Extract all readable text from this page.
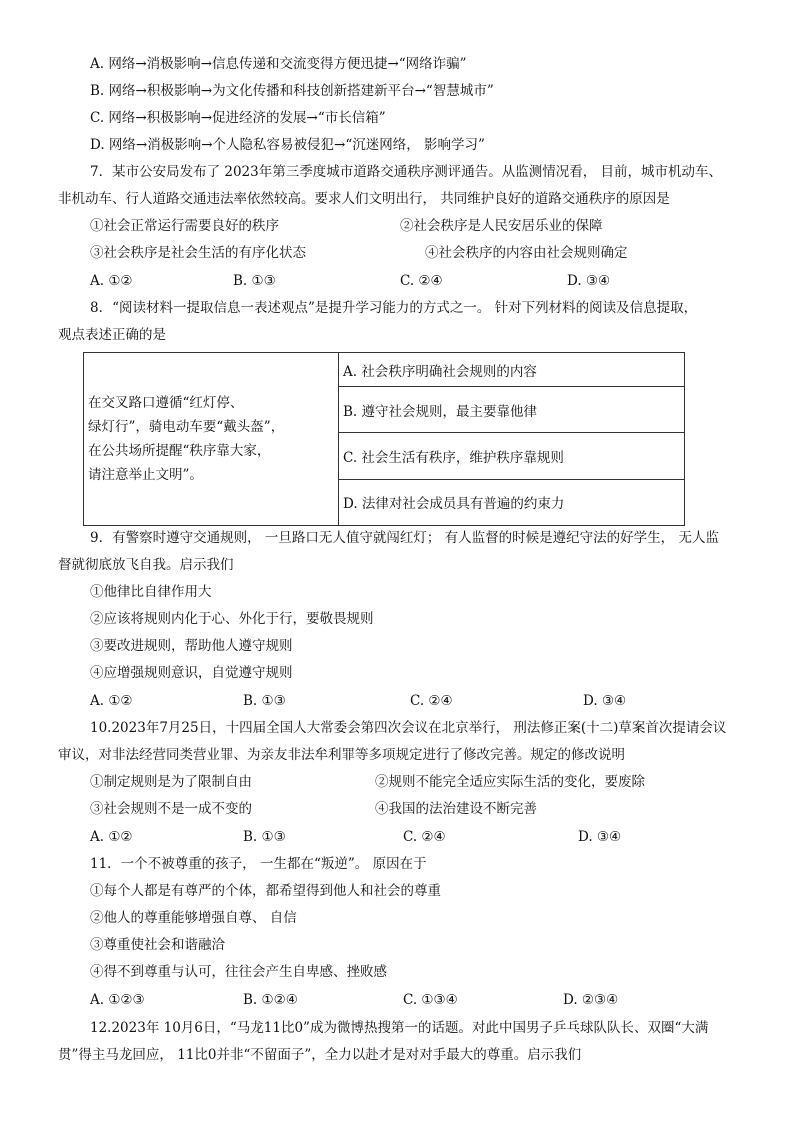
A. 网络→消极影响→信息传递和交流变得方便迅捷→“网络诈骗”
B. 网络→积极影响→为文化传播和科技创新搭建新平台→“智慧城市”
C. 网络→积极影响→促进经济的发展→“市长信箱”
D. 网络→消极影响→个人隐私容易被侵犯→“沉迷网络， 影响学习”
7．某市公安局发布了 2023年第三季度城市道路交通秩序测评通告。从监测情况看， 目前，城市机动车、
非机动车、行人道路交通违法率依然较高。要求人们文明出行， 共同维护良好的道路交通秩序的原因是
①社会正常运行需要良好的秩序	②社会秩序是人民安居乐业的保障
③社会秩序是社会生活的有序化状态	④社会秩序的内容由社会规则确定
A. ①②	B. ①③	C. ②④	D. ③④
8．“阅读材料一提取信息一表述观点”是提升学习能力的方式之一。 针对下列材料的阅读及信息提取，
观点表述正确的是
在交叉路口遵循“红灯停、
绿灯行”，骑电动车要“戴头盔”，
在公共场所提醒“秩序靠大家，
请注意举止文明”。
	A. 社会秩序明确社会规则的内容
B. 遵守社会规则，最主要靠他律
C. 社会生活有秩序，维护秩序靠规则
D. 法律对社会成员具有普遍的约束力
9．有警察时遵守交通规则， 一旦路口无人值守就闯红灯； 有人监督的时候是遵纪守法的好学生， 无人监
督就彻底放飞自我。启示我们
①他律比自律作用大
②应该将规则内化于心、外化于行，要敬畏规则
③要改进规则，帮助他人遵守规则
④应增强规则意识，自觉遵守规则
A. ①②	B. ①③	C. ②④	D. ③④
10.2023年7月25日，十四届全国人大常委会第四次会议在北京举行， 刑法修正案(十二)草案首次提请会议
审议，对非法经营同类营业罪、为亲友非法牟利罪等多项规定进行了修改完善。规定的修改说明
①制定规则是为了限制自由	②规则不能完全适应实际生活的变化，要废除
③社会规则不是一成不变的	④我国的法治建设不断完善
A. ①②	B. ①③	C. ②④	D. ③④
11．一个不被尊重的孩子， 一生都在“叛逆”。 原因在于
①每个人都是有尊严的个体，都希望得到他人和社会的尊重
②他人的尊重能够增强自尊、 自信
③尊重使社会和谐融洽
④得不到尊重与认可，往往会产生自卑感、挫败感
A. ①②③	B. ①②④	C. ①③④	D. ②③④
12.2023年 10月6日，“马龙11比0”成为微博热搜第一的话题。对此中国男子乒乓球队队长、双圈“大满
贯”得主马龙回应， 11比0并非“不留面子”，全力以赴才是对对手最大的尊重。启示我们
